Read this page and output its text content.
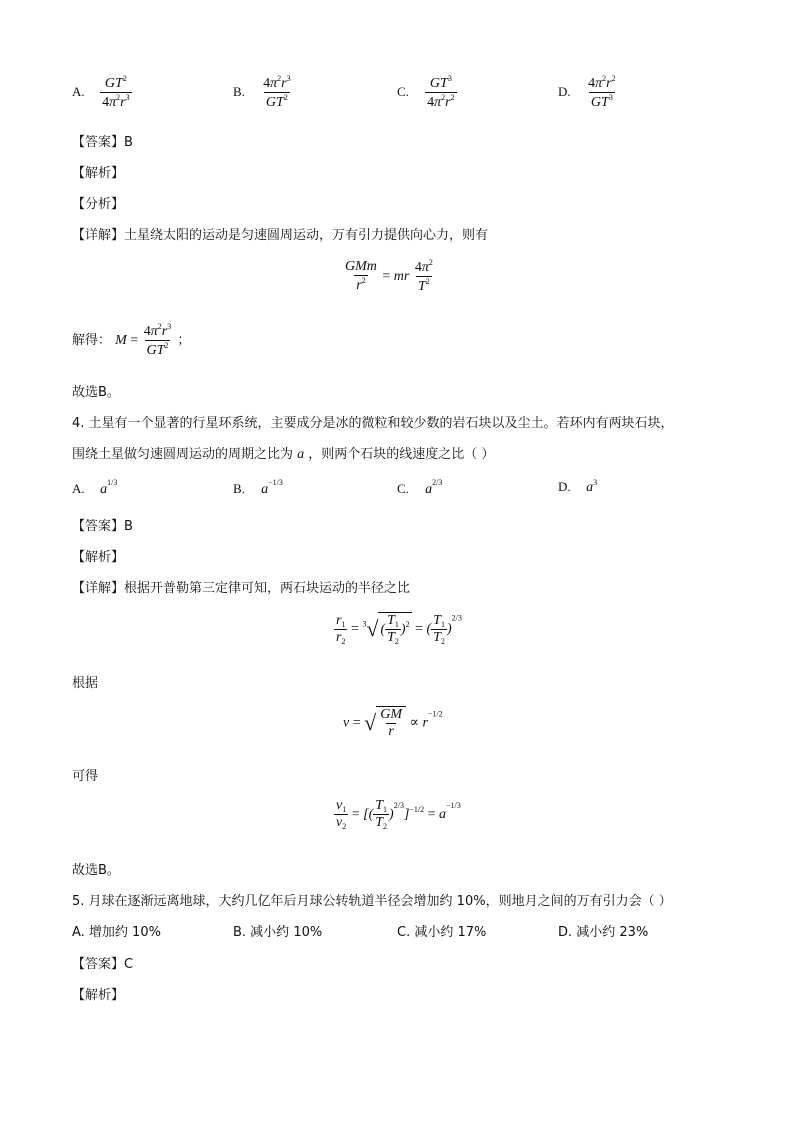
A. $\frac{GT^2}{4\pi^2r^3}$	B. $\frac{4\pi^2r^3}{GT^2}$	C. $\frac{GT^3}{4\pi^2r^2}$	D. $\frac{4\pi^2r^2}{GT^3}$
【答案】B
【解析】
【分析】
【详解】土星绕太阳的运动是匀速圆周运动，万有引力提供向心力，则有
$\frac{\text{GMm}}{r^2}$ = mr $\frac{4\pi^2}{T^2}$
解得： $M = \frac{4\pi^2r^3}{GT^2}$ ；
故选B。
4. 土星有一个显著的行星环系统，主要成分是冰的微粒和较少数的岩石块以及尘土。若环内有两块石块，
围绕土星做匀速圆周运动的周期之比为 a ，则两个石块的线速度之比（ ）
A. $a^{1/3}$	B. $a^{-1/3}$	C. $a^{2/3}$	D. $a^3$
【答案】B
【解析】
【详解】根据开普勒第三定律可知，两石块运动的半径之比
$\frac{r_1}{r_2} = ^3√$ ( $\frac{T_1}{T_2} )^2$ = ( $\frac{T_1}{T_2} )^{2/3}$
根据
v = √ $\frac{GM}{r} \propto r^{-1/2}$
可得
$\frac{v_1}{v_2}$ = [( $\frac{T_1}{T_2} )^{2/3}]^{-1/2} = a^{-1/3}$
故选B。
5. 月球在逐渐远离地球，大约几亿年后月球公转轨道半径会增加约 10%，则地月之间的万有引力会（ ）
A. 增加约 10%	B. 减小约 10%	C. 减小约 17%	D. 减小约 23%
【答案】C
【解析】
